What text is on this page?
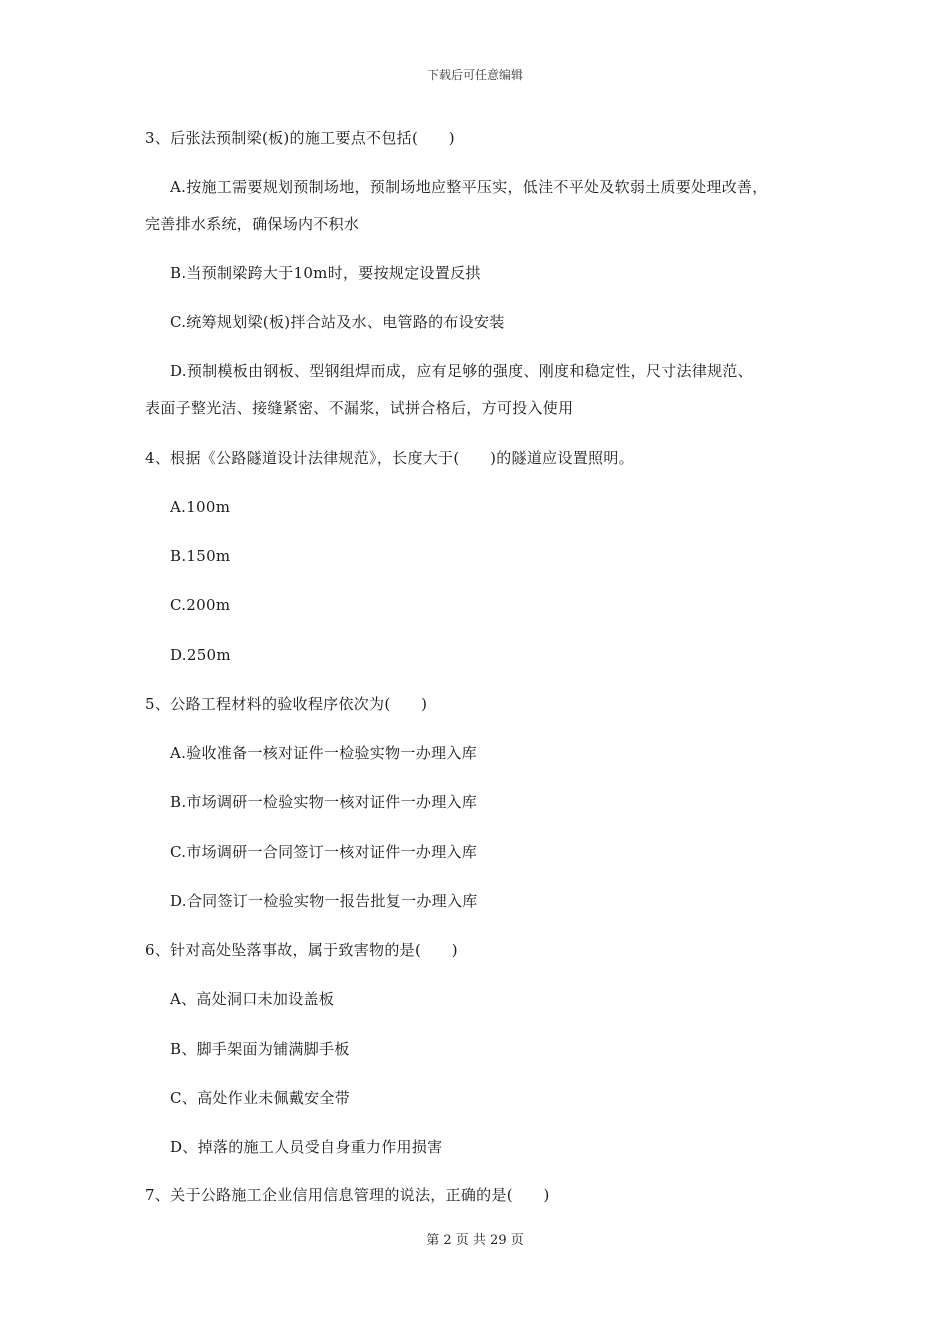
下载后可任意编辑
3、后张法预制梁(板)的施工要点不包括(　　)
A.按施工需要规划预制场地，预制场地应整平压实，低洼不平处及软弱土质要处理改善，
完善排水系统，确保场内不积水
B.当预制梁跨大于10m时，要按规定设置反拱
C.统筹规划梁(板)拌合站及水、电管路的布设安装
D.预制模板由钢板、型钢组焊而成，应有足够的强度、刚度和稳定性，尺寸法律规范、
表面子整光洁、接缝紧密、不漏浆，试拼合格后，方可投入使用
4、根据《公路隧道设计法律规范》，长度大于(　　)的隧道应设置照明。
A.100m
B.150m
C.200m
D.250m
5、公路工程材料的验收程序依次为(　　)
A.验收准备一核对证件一检验实物一办理入库
B.市场调研一检验实物一核对证件一办理入库
C.市场调研一合同签订一核对证件一办理入库
D.合同签订一检验实物一报告批复一办理入库
6、针对高处坠落事故，属于致害物的是(　　)
A、高处洞口未加设盖板
B、脚手架面为铺满脚手板
C、高处作业未佩戴安全带
D、掉落的施工人员受自身重力作用损害
7、关于公路施工企业信用信息管理的说法，正确的是(　　)
第 2 页 共 29 页
